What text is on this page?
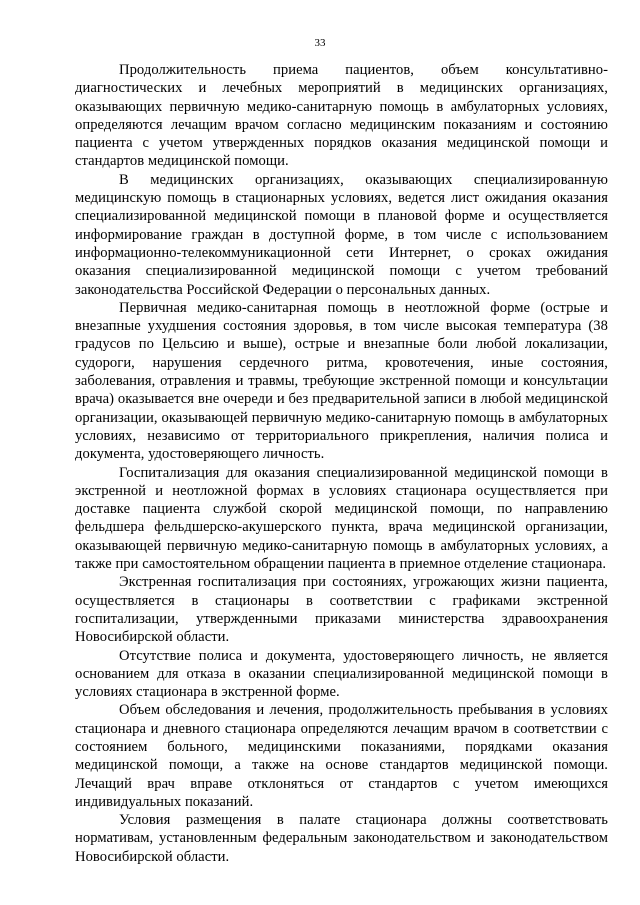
33

Продолжительность приема пациентов, объем консультативно-диагностических и лечебных мероприятий в медицинских организациях, оказывающих первичную медико-санитарную помощь в амбулаторных условиях, определяются лечащим врачом согласно медицинским показаниям и состоянию пациента с учетом утвержденных порядков оказания медицинской помощи и стандартов медицинской помощи.

В медицинских организациях, оказывающих специализированную медицинскую помощь в стационарных условиях, ведется лист ожидания оказания специализированной медицинской помощи в плановой форме и осуществляется информирование граждан в доступной форме, в том числе с использованием информационно-телекоммуникационной сети Интернет, о сроках ожидания оказания специализированной медицинской помощи с учетом требований законодательства Российской Федерации о персональных данных.

Первичная медико-санитарная помощь в неотложной форме (острые и внезапные ухудшения состояния здоровья, в том числе высокая температура (38 градусов по Цельсию и выше), острые и внезапные боли любой локализации, судороги, нарушения сердечного ритма, кровотечения, иные состояния, заболевания, отравления и травмы, требующие экстренной помощи и консультации врача) оказывается вне очереди и без предварительной записи в любой медицинской организации, оказывающей первичную медико-санитарную помощь в амбулаторных условиях, независимо от территориального прикрепления, наличия полиса и документа, удостоверяющего личность.

Госпитализация для оказания специализированной медицинской помощи в экстренной и неотложной формах в условиях стационара осуществляется при доставке пациента службой скорой медицинской помощи, по направлению фельдшера фельдшерско-акушерского пункта, врача медицинской организации, оказывающей первичную медико-санитарную помощь в амбулаторных условиях, а также при самостоятельном обращении пациента в приемное отделение стационара.

Экстренная госпитализация при состояниях, угрожающих жизни пациента, осуществляется в стационары в соответствии с графиками экстренной госпитализации, утвержденными приказами министерства здравоохранения Новосибирской области.

Отсутствие полиса и документа, удостоверяющего личность, не является основанием для отказа в оказании специализированной медицинской помощи в условиях стационара в экстренной форме.

Объем обследования и лечения, продолжительность пребывания в условиях стационара и дневного стационара определяются лечащим врачом в соответствии с состоянием больного, медицинскими показаниями, порядками оказания медицинской помощи, а также на основе стандартов медицинской помощи. Лечащий врач вправе отклоняться от стандартов с учетом имеющихся индивидуальных показаний.

Условия размещения в палате стационара должны соответствовать нормативам, установленным федеральным законодательством и законодательством Новосибирской области.
